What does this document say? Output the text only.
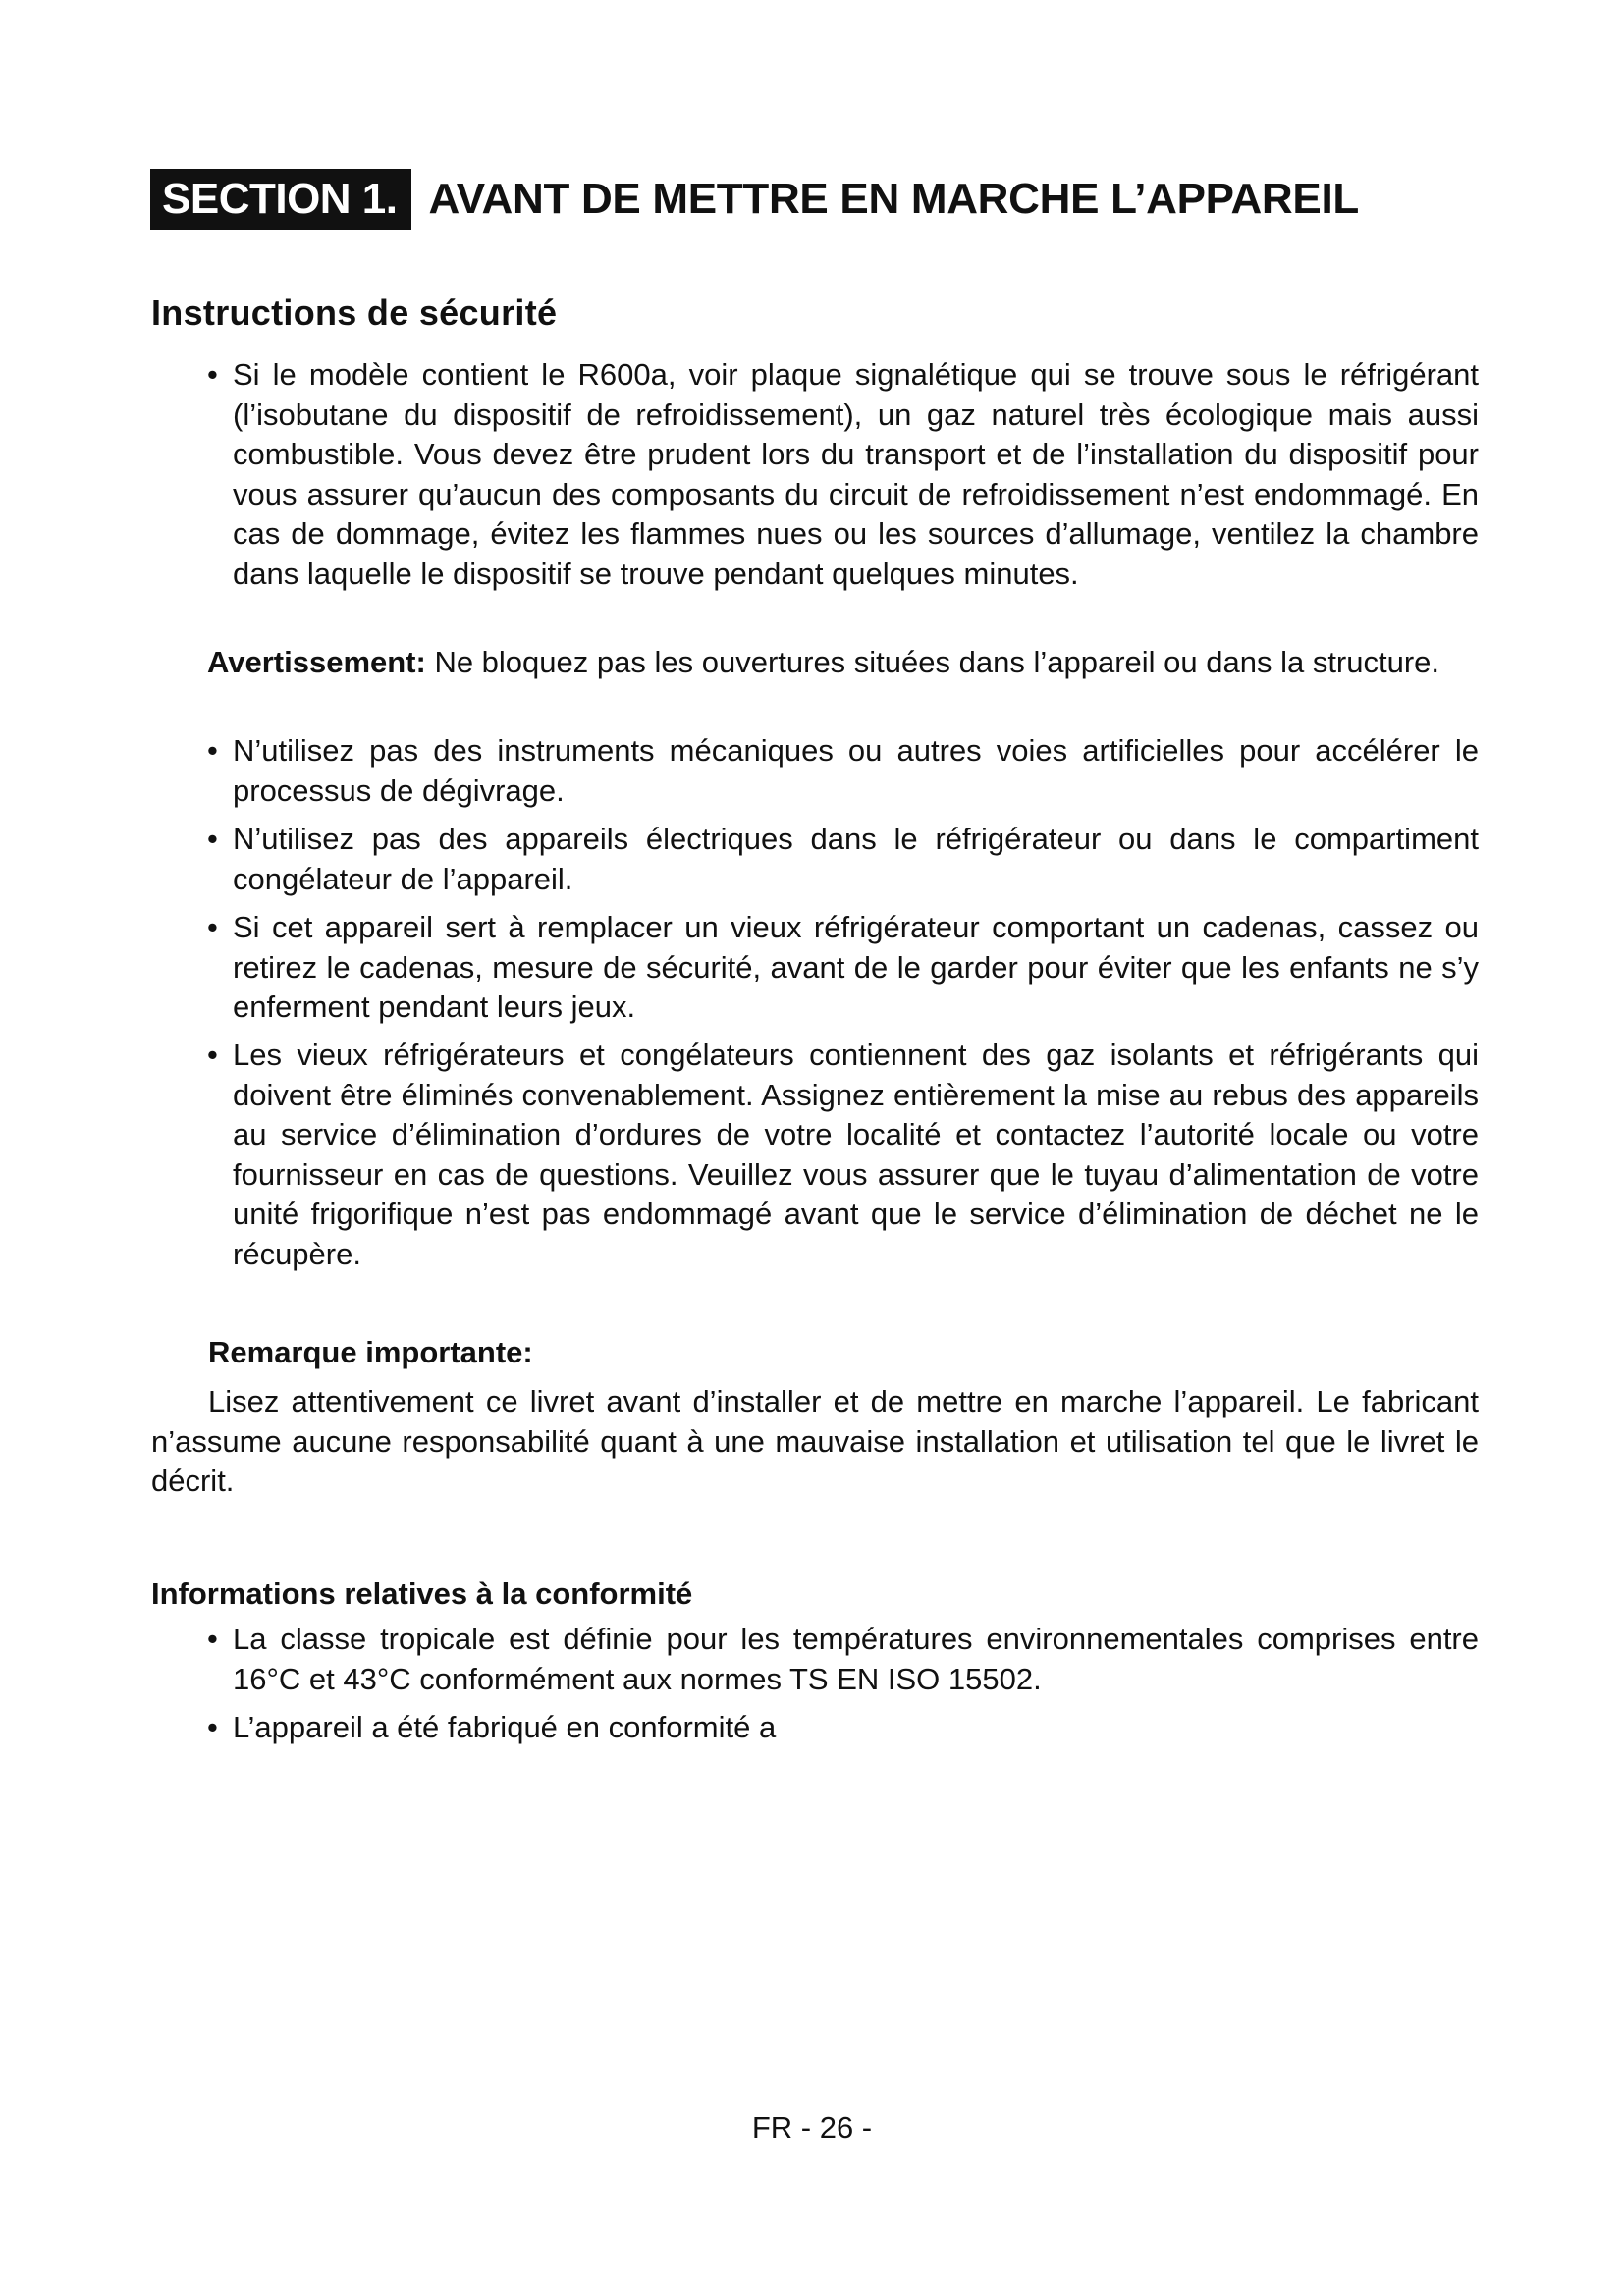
SECTION 1. AVANT DE METTRE EN MARCHE L’APPAREIL
Instructions de sécurité
• Si le modèle contient le R600a, voir plaque signalétique qui se trouve sous le réfrigérant (l’isobutane du dispositif de refroidissement), un gaz naturel très écologique mais aussi combustible. Vous devez être prudent lors du transport et de l’installation du dispositif pour vous assurer qu’aucun des composants du circuit de refroidissement n’est endommagé. En cas de dommage, évitez les flammes nues ou les sources d’allumage, ventilez la chambre dans laquelle le dispositif se trouve pendant quelques minutes.
Avertissement: Ne bloquez pas les ouvertures situées dans l’appareil ou dans la structure.
• N’utilisez pas des instruments mécaniques ou autres voies artificielles pour accélérer le processus de dégivrage.
• N’utilisez pas des appareils électriques dans le réfrigérateur ou dans le compartiment congélateur de l’appareil.
• Si cet appareil sert à remplacer un vieux réfrigérateur comportant un cadenas, cassez ou retirez le cadenas, mesure de sécurité, avant de le garder pour éviter que les enfants ne s’y enferment pendant leurs jeux.
• Les vieux réfrigérateurs et congélateurs contiennent des gaz isolants et réfrigérants qui doivent être éliminés convenablement. Assignez entièrement la mise au rebus des appareils au service d’élimination d’ordures de votre localité et contactez l’autorité locale ou votre fournisseur en cas de questions. Veuillez vous assurer que le tuyau d’alimentation de votre unité frigorifique n’est pas endommagé avant que le service d’élimination de déchet ne le récupère.
Remarque importante:
Lisez attentivement ce livret avant d’installer et de mettre en marche l’appareil. Le fabricant n’assume aucune responsabilité quant à une mauvaise installation et utilisation tel que le livret le décrit.
Informations relatives à la conformité
• La classe tropicale est définie pour les températures environnementales comprises entre 16°C et 43°C conformément aux normes TS EN ISO 15502.
• L’appareil a été fabriqué en conformité a
FR - 26 -
